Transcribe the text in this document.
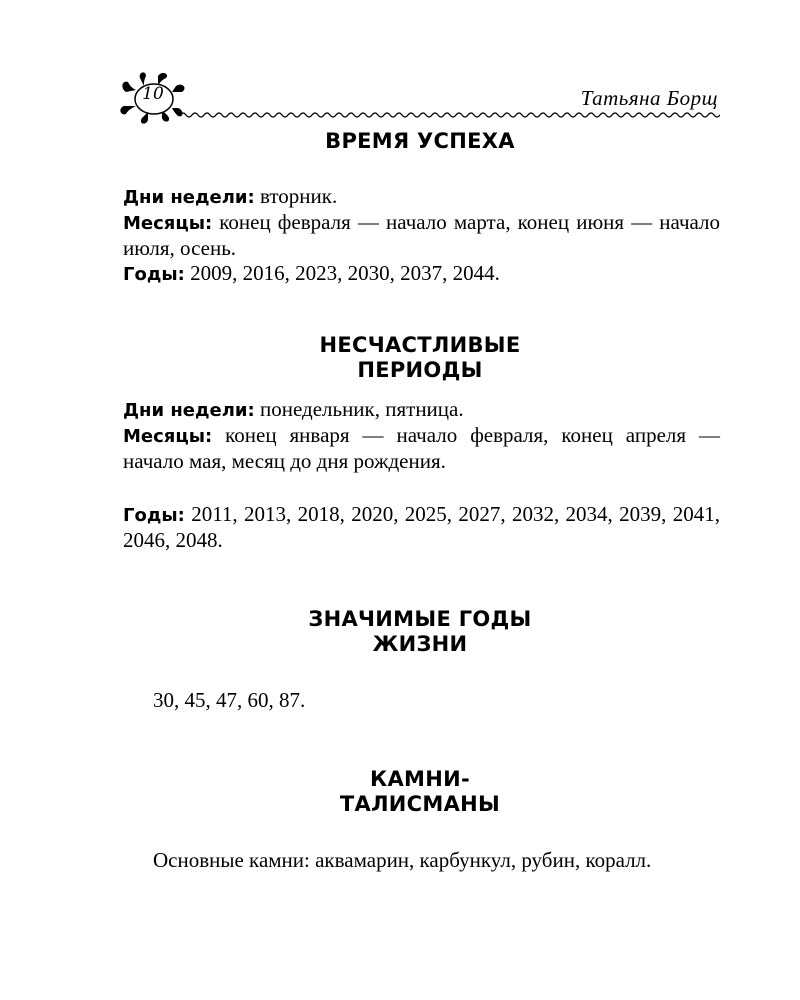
10	Татьяна Борщ
ВРЕМЯ УСПЕХА

Дни недели: вторник.

Месяцы: конец февраля — начало марта, конец июня — начало июля, осень.

Годы: 2009, 2016, 2023, 2030, 2037, 2044.

НЕСЧАСТЛИВЫЕ
ПЕРИОДЫ

Дни недели: понедельник, пятница.

Месяцы: конец января — начало февраля, конец апреля — начало мая, месяц до дня рождения.

Годы: 2011, 2013, 2018, 2020, 2025, 2027, 2032, 2034, 2039, 2041, 2046, 2048.

ЗНАЧИМЫЕ ГОДЫ
ЖИЗНИ

30, 45, 47, 60, 87.

КАМНИ-
ТАЛИСМАНЫ

Основные камни: аквамарин, карбункул, рубин, коралл.
